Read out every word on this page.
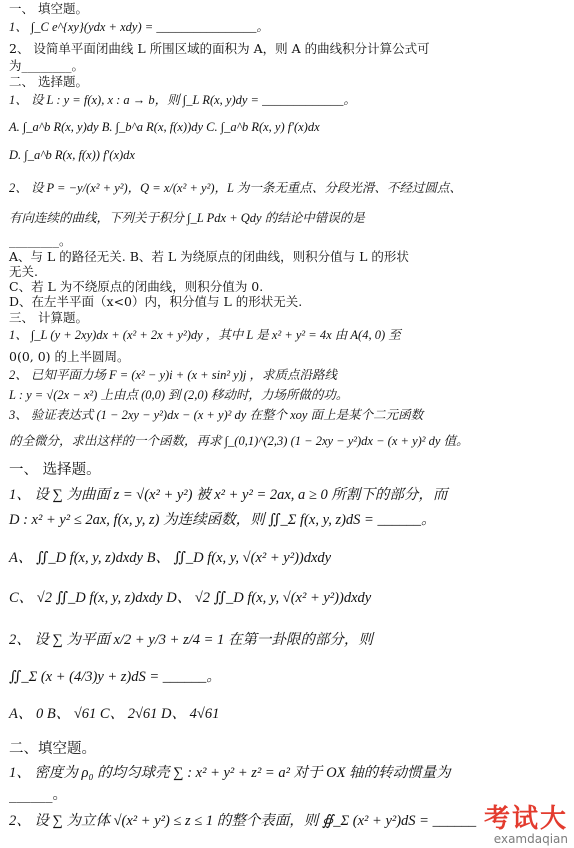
一、 填空题。
1、 ∫_C e^{xy}(ydx + xdy) = ________________。
2、 设简单平面闭曲线 L 所围区域的面积为 A，则 A 的曲线积分计算公式可
为________。
二、 选择题。
1、 设 L : y = f(x), x : a → b，则 ∫_L R(x, y)dy = _____________。
A. ∫_a^b R(x, y)dy B. ∫_b^a R(x, f(x))dy C. ∫_a^b R(x, y) f′(x)dx
D. ∫_a^b R(x, f(x)) f′(x)dx
2、 设 P = −y/(x² + y²)，Q = x/(x² + y²)，L 为一条无重点、分段光滑、不经过圆点、
有向连续的曲线，下列关于积分 ∫_L Pdx + Qdy 的结论中错误的是
________。
A、与 L 的路径无关. B、若 L 为绕原点的闭曲线，则积分值与 L 的形状
无关.
C、若 L 为不绕原点的闭曲线，则积分值为 0.
D、在左半平面（x<0）内，积分值与 L 的形状无关.
三、 计算题。
1、 ∫_L (y + 2xy)dx + (x² + 2x + y²)dy ，其中 L 是 x² + y² = 4x 由 A(4, 0) 至
0(0, 0) 的上半圆周。
2、 已知平面力场 F = (x² − y)i + (x + sin² y)j ，求质点沿路线
L : y = √(2x − x²) 上由点 (0,0) 到 (2,0) 移动时，力场所做的功。
3、 验证表达式 (1 − 2xy − y²)dx − (x + y)² dy 在整个 xoy 面上是某个二元函数
的全微分，求出这样的一个函数，再求 ∫_(0,1)^(2,3) (1 − 2xy − y²)dx − (x + y)² dy 值。
一、 选择题。
1、 设 ∑ 为曲面 z = √(x² + y²) 被 x² + y² = 2ax, a ≥ 0 所割下的部分，而
D : x² + y² ≤ 2ax, f(x, y, z) 为连续函数，则 ∬_Σ f(x, y, z)dS = ______。
A、 ∬_D f(x, y, z)dxdy B、 ∬_D f(x, y, √(x² + y²))dxdy
C、 √2 ∬_D f(x, y, z)dxdy D、 √2 ∬_D f(x, y, √(x² + y²))dxdy
2、 设 ∑ 为平面 x/2 + y/3 + z/4 = 1 在第一卦限的部分，则
∬_Σ (x + (4/3)y + z)dS = ______。
A、 0 B、 √61 C、 2√61 D、 4√61
二、填空题。
1、 密度为 ρ₀ 的均匀球壳 ∑ : x² + y² + z² = a² 对于 OX 轴的转动惯量为
______。
2、 设 ∑ 为立体 √(x² + y²) ≤ z ≤ 1 的整个表面，则 ∯_Σ (x² + y²)dS = ______ 考试大
examdaqian
